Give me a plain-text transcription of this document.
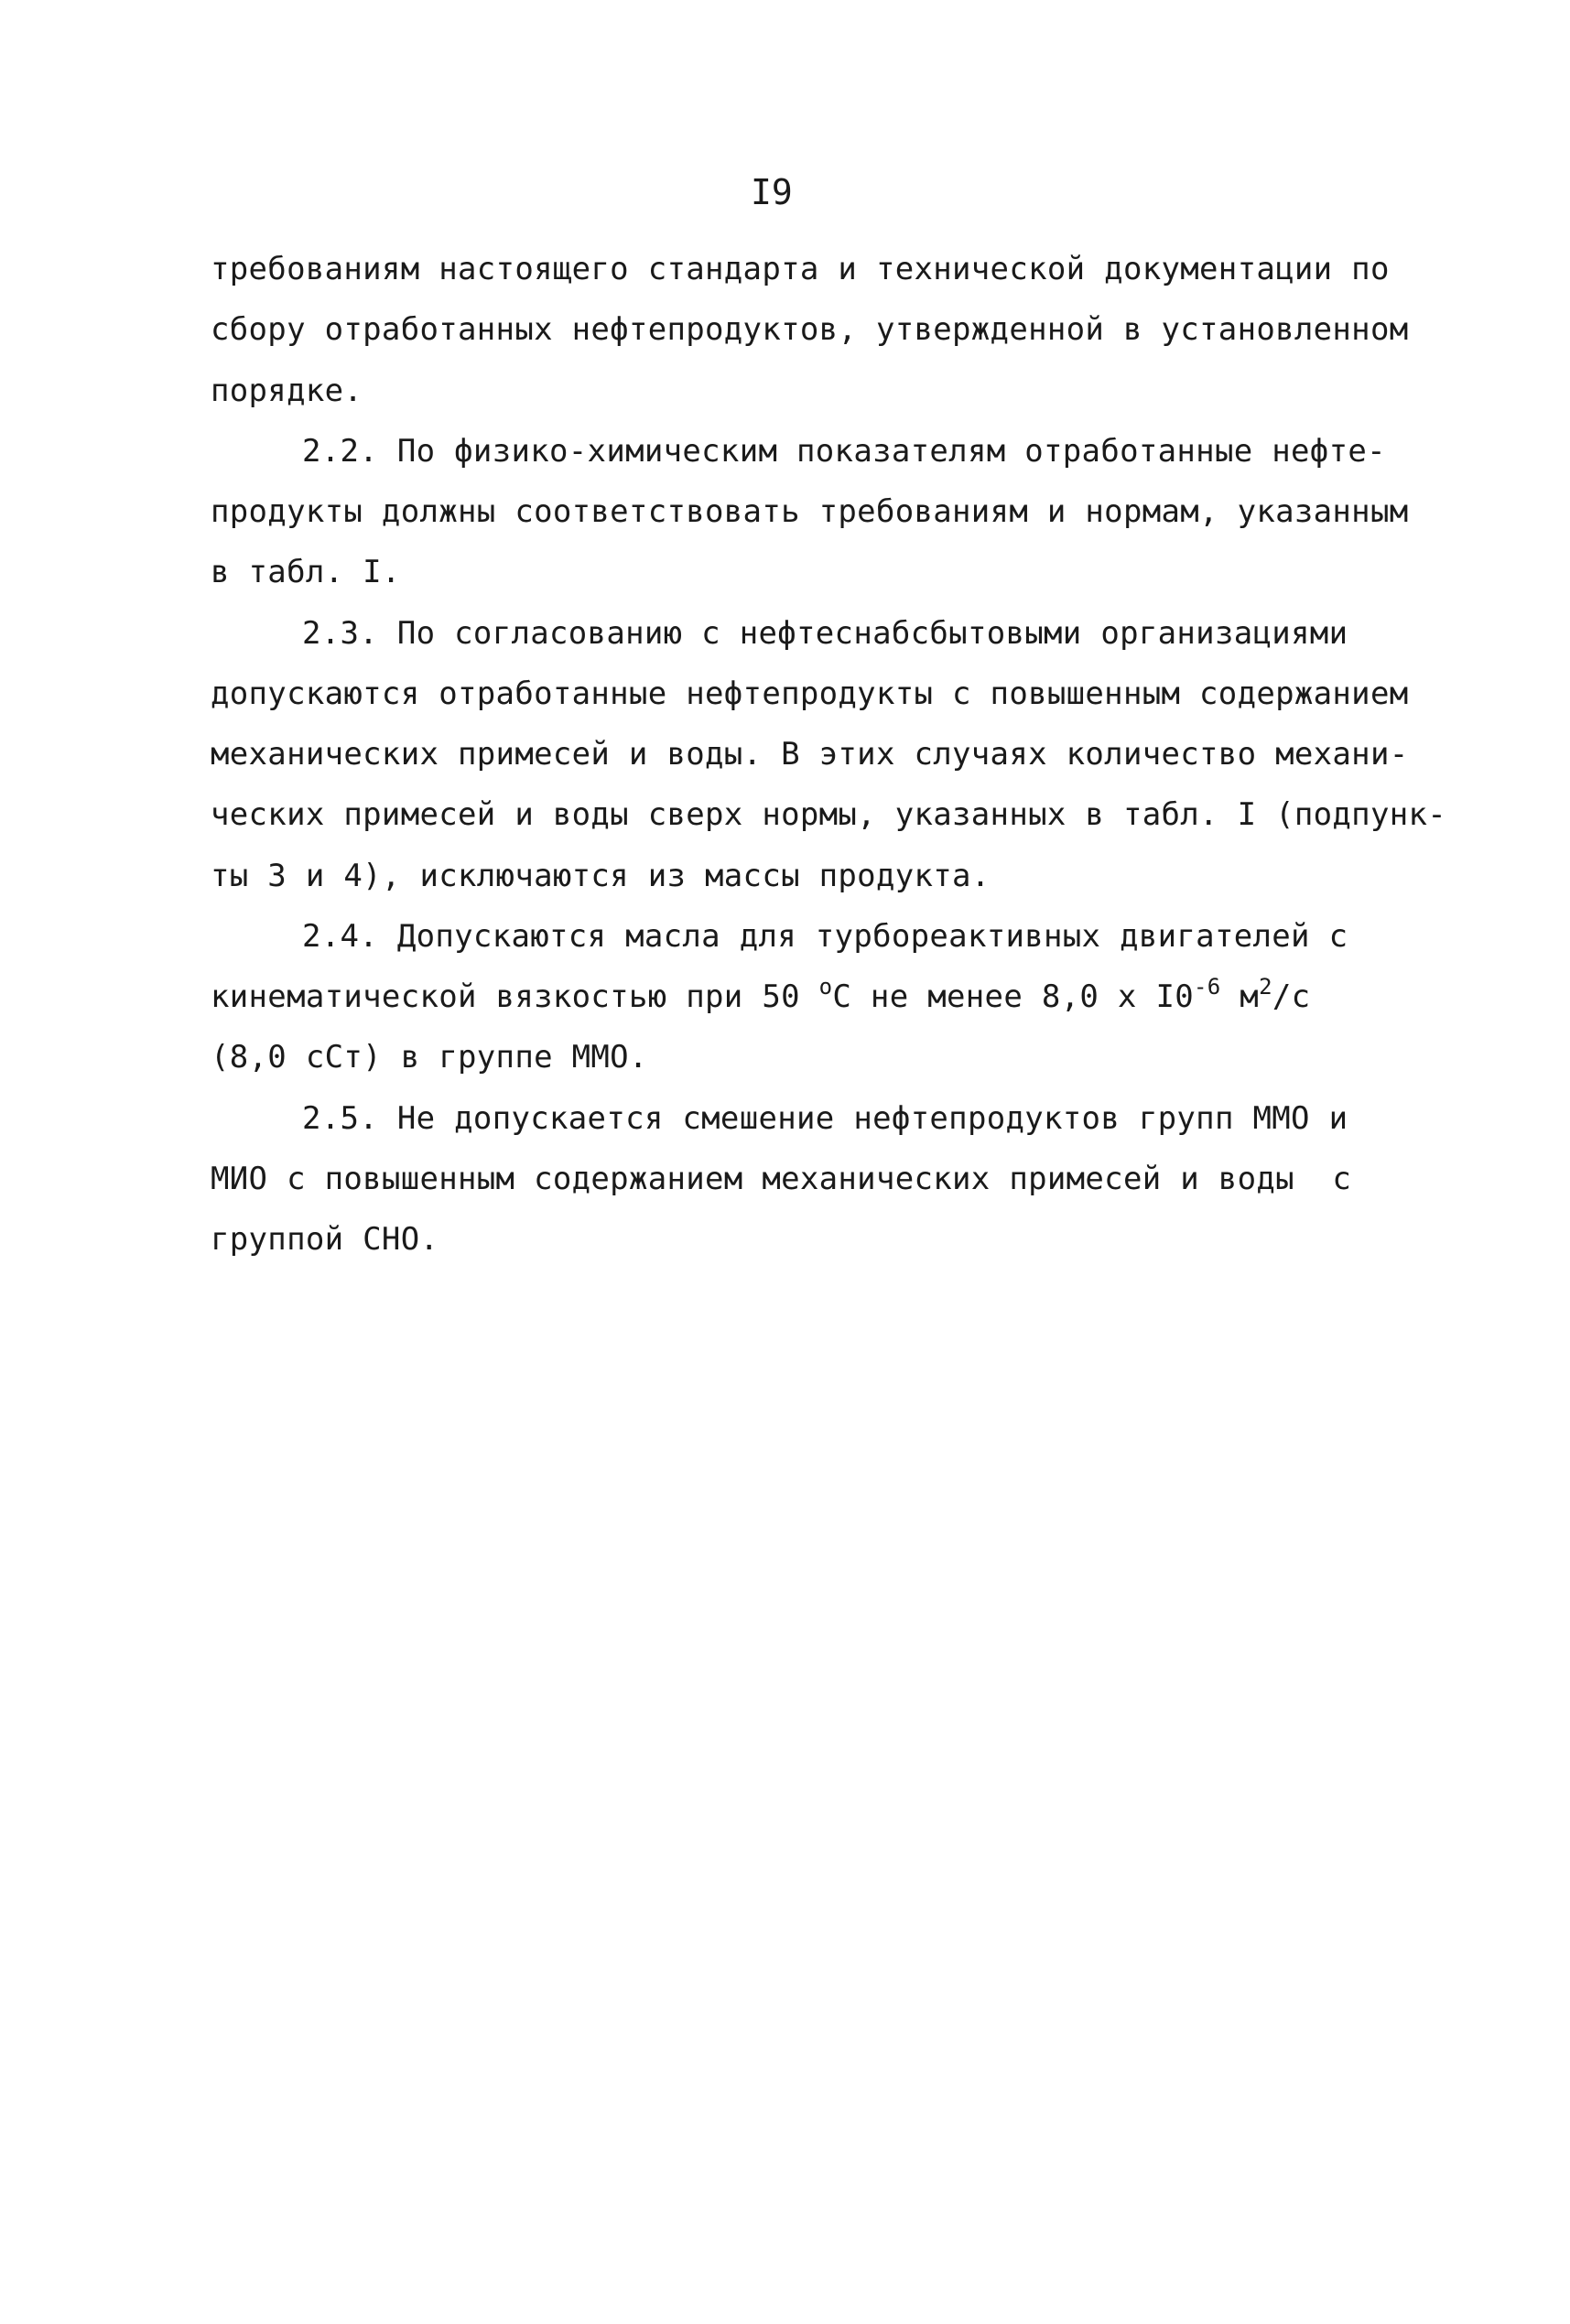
I9
требованиям настоящего стандарта и технической документации по
сбору отработанных нефтепродуктов, утвержденной в установленном
порядке.
2.2. По физико-химическим показателям отработанные нефте-
продукты должны соответствовать требованиям и нормам, указанным
в табл. I.
2.3. По согласованию с нефтеснабсбытовыми организациями
допускаются отработанные нефтепродукты с повышенным содержанием
механических примесей и воды. В этих случаях количество механи-
ческих примесей и воды сверх нормы, указанных в табл. I (подпунк-
ты 3 и 4), исключаются из массы продукта.
2.4. Допускаются масла для турбореактивных двигателей с
кинематической вязкостью при 50 $^о$С не менее 8,0 х $I0^{-6}$ $м^2/с$
(8,0 сСт) в группе ММО.
2.5. Не допускается смешение нефтепродуктов групп ММО и
МИО с повышенным содержанием механических примесей и воды  с
группой СНО.
